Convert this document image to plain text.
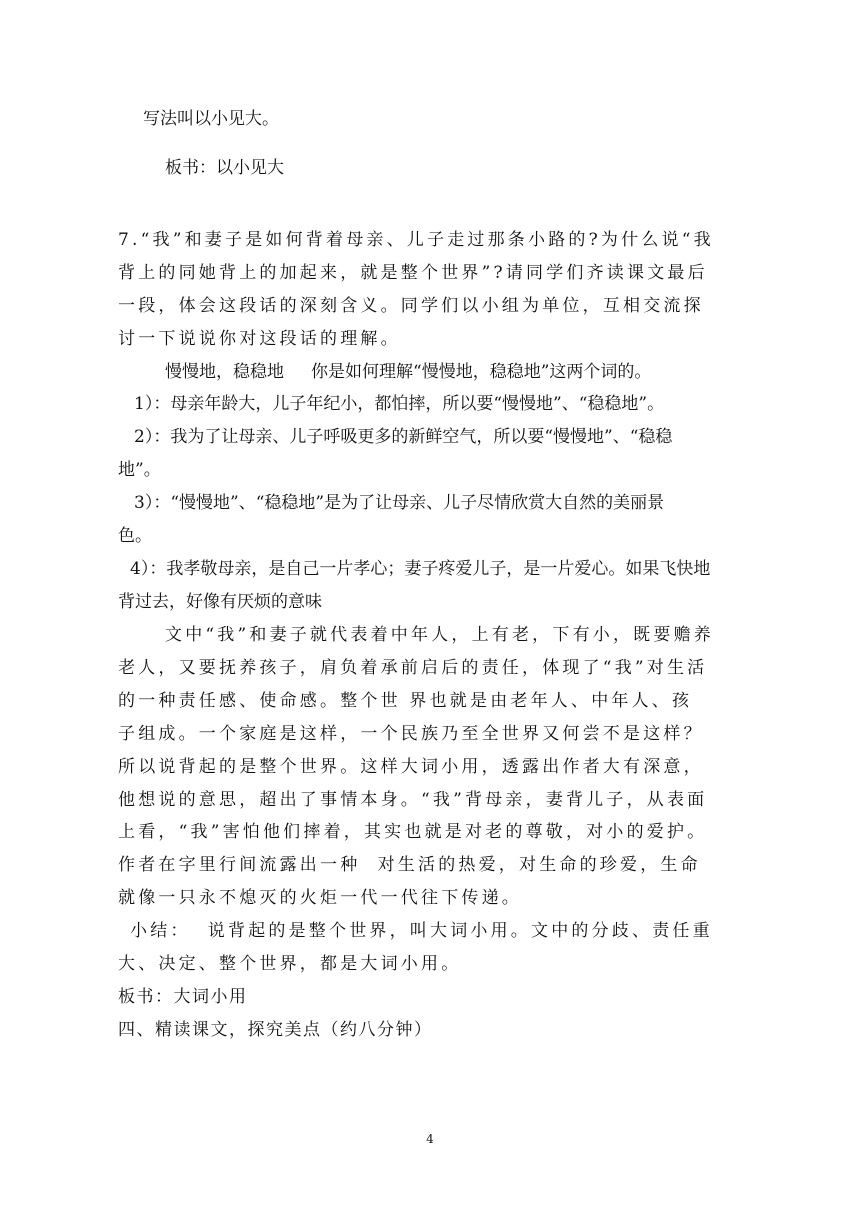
写法叫以小见大。
板书：以小见大
7.“我”和妻子是如何背着母亲、儿子走过那条小路的?为什么说“我
背上的同她背上的加起来，就是整个世界”?请同学们齐读课文最后
一段，体会这段话的深刻含义。同学们以小组为单位，互相交流探
讨一下说说你对这段话的理解。
慢慢地，稳稳地     你是如何理解“慢慢地，稳稳地”这两个词的。
1）：母亲年龄大，儿子年纪小，都怕摔，所以要“慢慢地”、“稳稳地”。
2）：我为了让母亲、儿子呼吸更多的新鲜空气，所以要“慢慢地”、“稳稳
地”。
3）：“慢慢地”、“稳稳地”是为了让母亲、儿子尽情欣赏大自然的美丽景
色。
4）：我孝敬母亲，是自己一片孝心；妻子疼爱儿子，是一片爱心。如果飞快地
背过去，好像有厌烦的意味
文中“我”和妻子就代表着中年人，上有老，下有小，既要赡养
老人，又要抚养孩子，肩负着承前启后的责任，体现了“我”对生活
的一种责任感、使命感。整个世 界也就是由老年人、中年人、孩
子组成。一个家庭是这样，一个民族乃至全世界又何尝不是这样？
所以说背起的是整个世界。这样大词小用，透露出作者大有深意，
他想说的意思，超出了事情本身。“我”背母亲，妻背儿子，从表面
上看，“我”害怕他们摔着，其实也就是对老的尊敬，对小的爱护。
作者在字里行间流露出一种  对生活的热爱，对生命的珍爱，生命
就像一只永不熄灭的火炬一代一代往下传递。
小结：  说背起的是整个世界，叫大词小用。文中的分歧、责任重
大、决定、整个世界，都是大词小用。
板书：大词小用
四、精读课文，探究美点（约八分钟）
4
